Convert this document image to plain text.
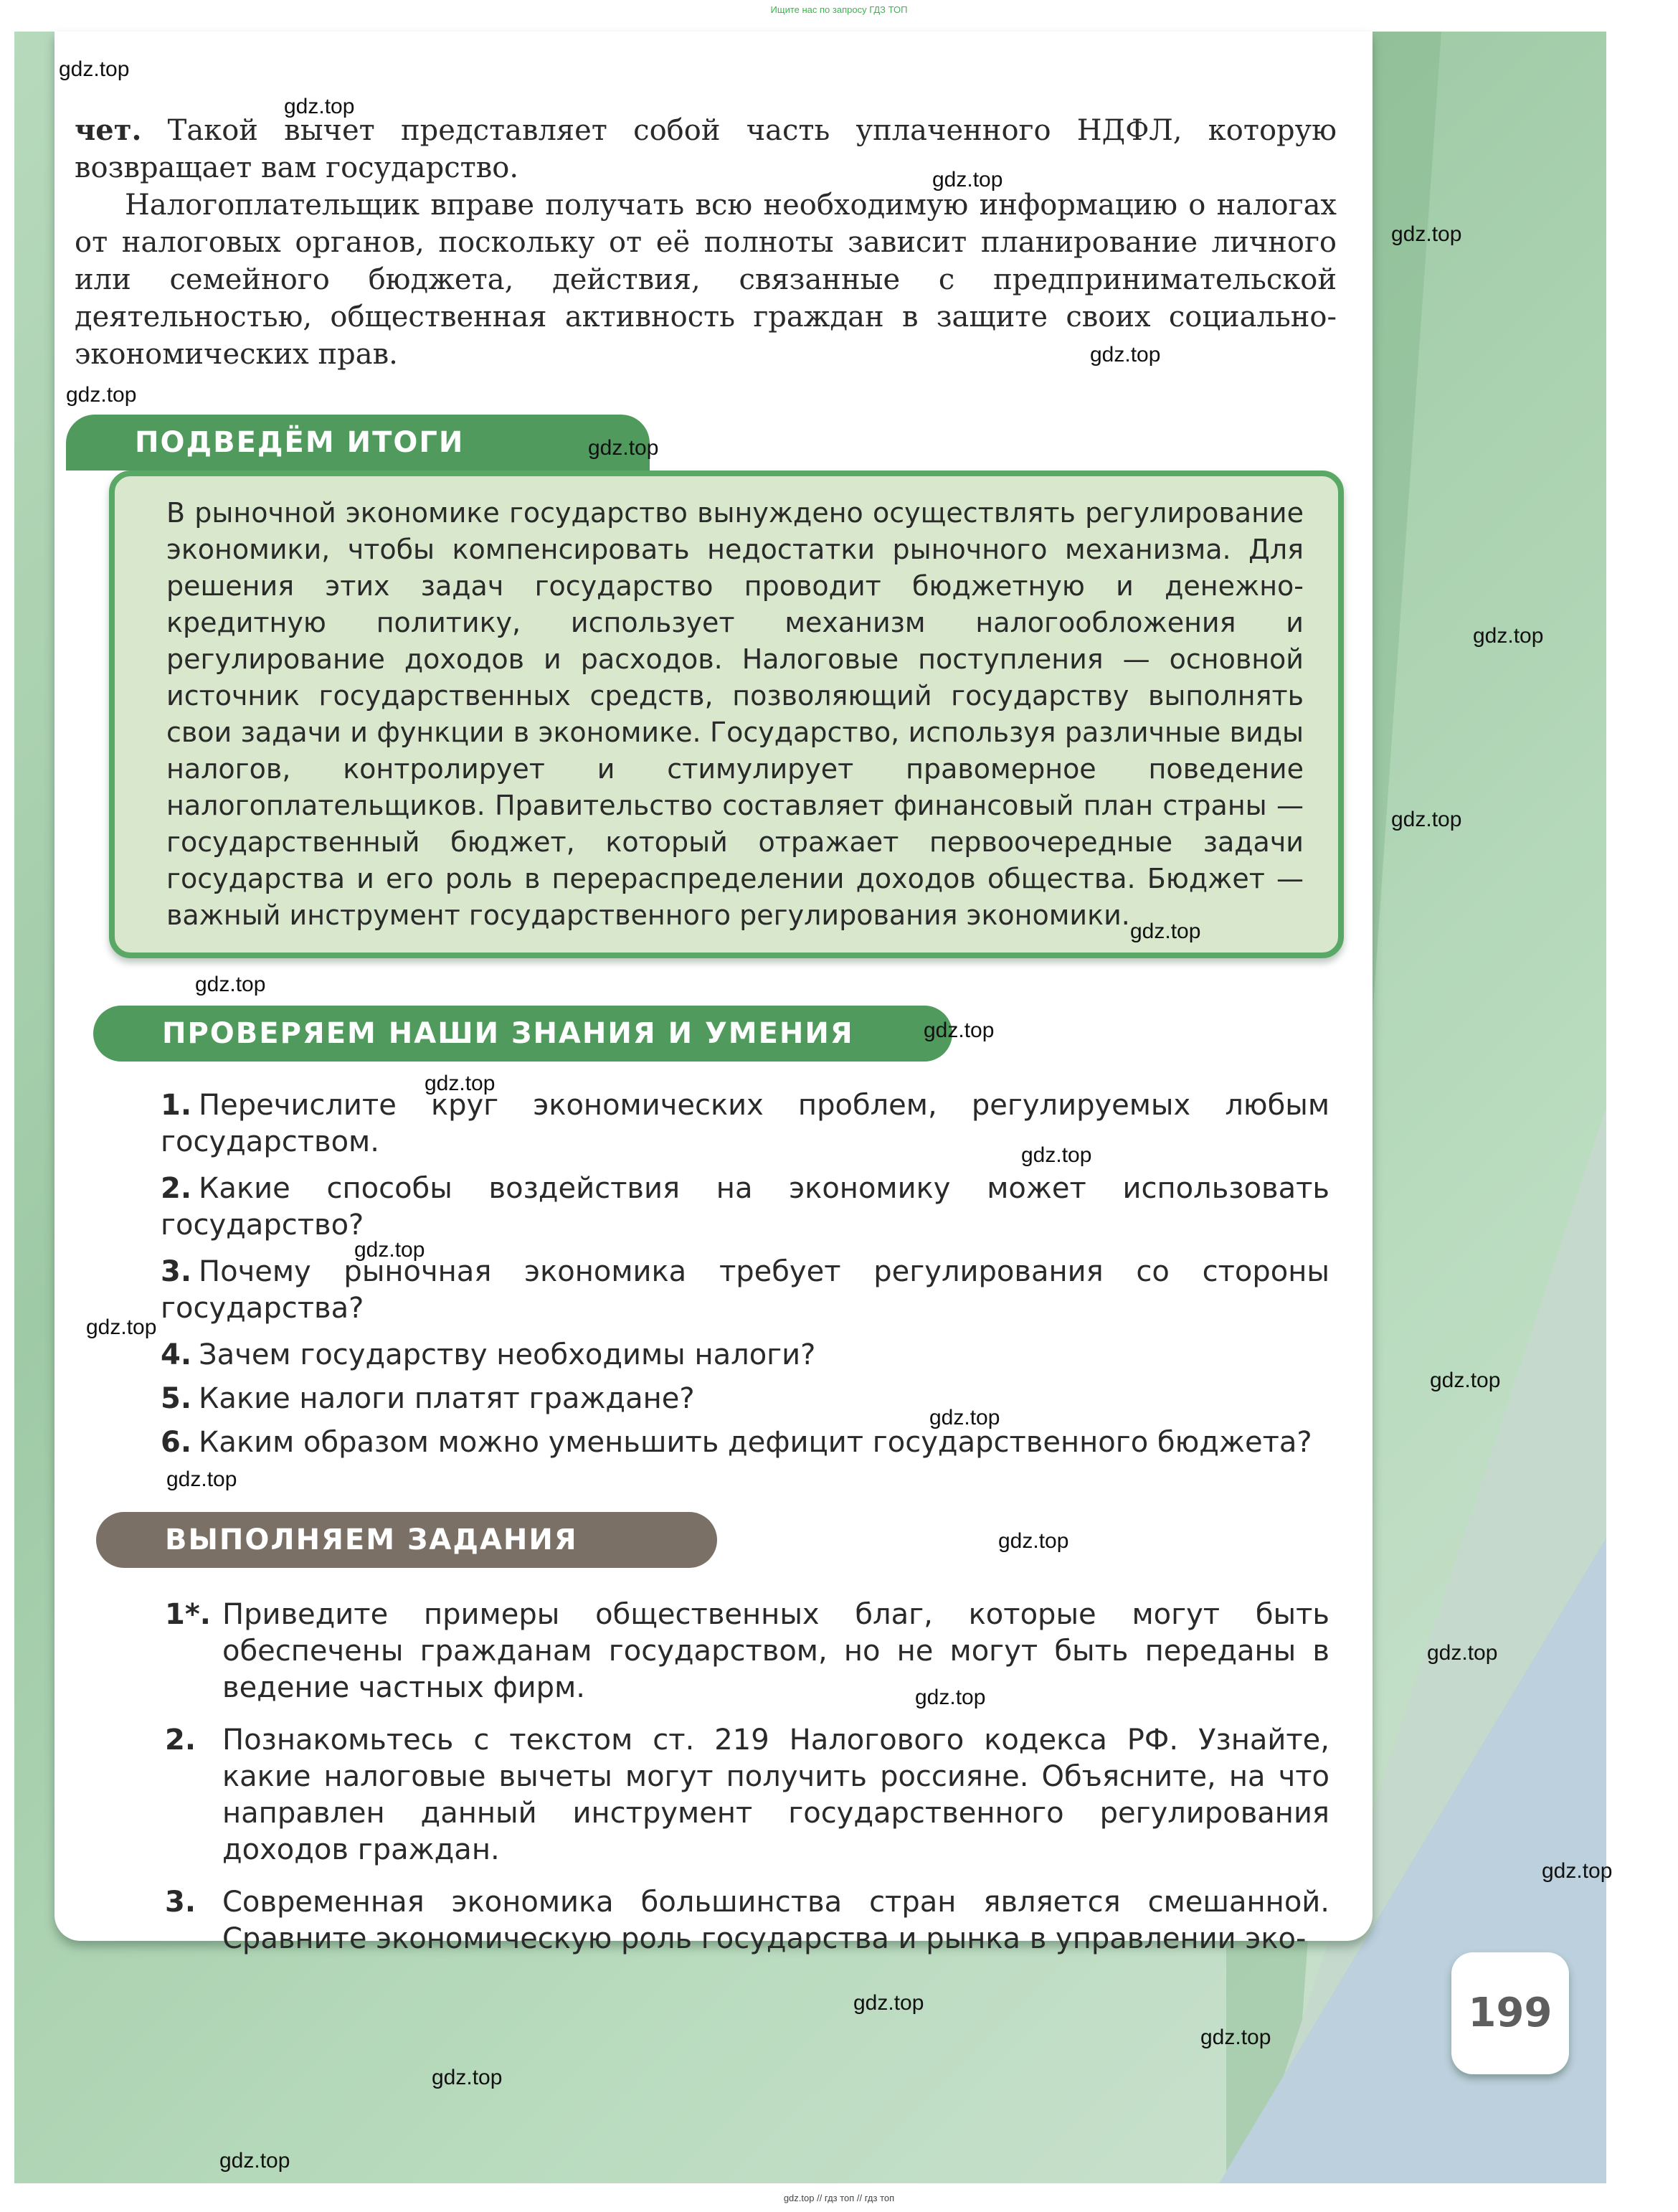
Ищите нас по запросу ГДЗ ТОП

чет. Такой вычет представляет собой часть уплаченного НДФЛ, которую возвращает вам государство.

Налогоплательщик вправе получать всю необходимую информацию о налогах от налоговых органов, поскольку от её полноты зависит планирование личного или семейного бюджета, действия, связанные с предпринимательской деятельностью, общественная активность граждан в защите своих социально-экономических прав.

В рыночной экономике государство вынуждено осуществлять регулирование экономики, чтобы компенсировать недостатки рыночного механизма. Для решения этих задач государство проводит бюджетную и денежно-кредитную политику, использует механизм налогообложения и регулирование доходов и расходов. Налоговые поступления — основной источник государственных средств, позволяющий государству выполнять свои задачи и функции в экономике. Государство, используя различные виды налогов, контролирует и стимулирует правомерное поведение налогоплательщиков. Правительство составляет финансовый план страны — государственный бюджет, который отражает первоочередные задачи государства и его роль в перераспределении доходов общества. Бюджет — важный инструмент государственного регулирования экономики.

ПОДВЕДЁМ ИТОГИ
ПРОВЕРЯЕМ НАШИ ЗНАНИЯ И УМЕНИЯ
1. Перечислите круг экономических проблем, регулируемых любым государством.
2. Какие способы воздействия на экономику может использовать государство?
3. Почему рыночная экономика требует регулирования со стороны государства?
4. Зачем государству необходимы налоги?
5. Какие налоги платят граждане?
6. Каким образом можно уменьшить дефицит государственного бюджета?
ВЫПОЛНЯЕМ ЗАДАНИЯ
1*. Приведите примеры общественных благ, которые могут быть обеспечены гражданам государством, но не могут быть переданы в ведение частных фирм.
2. Познакомьтесь с текстом ст. 219 Налогового кодекса РФ. Узнайте, какие налоговые вычеты могут получить россияне. Объясните, на что направлен данный инструмент государственного регулирования доходов граждан.
3. Современная экономика большинства стран является смешанной. Сравните экономическую роль государства и рынка в управлении эко-
199
gdz.top
gdz.top
gdz.top
gdz.top
gdz.top
gdz.top
gdz.top
gdz.top
gdz.top
gdz.top
gdz.top
gdz.top
gdz.top
gdz.top
gdz.top
gdz.top
gdz.top
gdz.top
gdz.top
gdz.top
gdz.top
gdz.top
gdz.top
gdz.top
gdz.top
gdz.top
gdz.top
gdz.top // гдз топ // гдз топ
